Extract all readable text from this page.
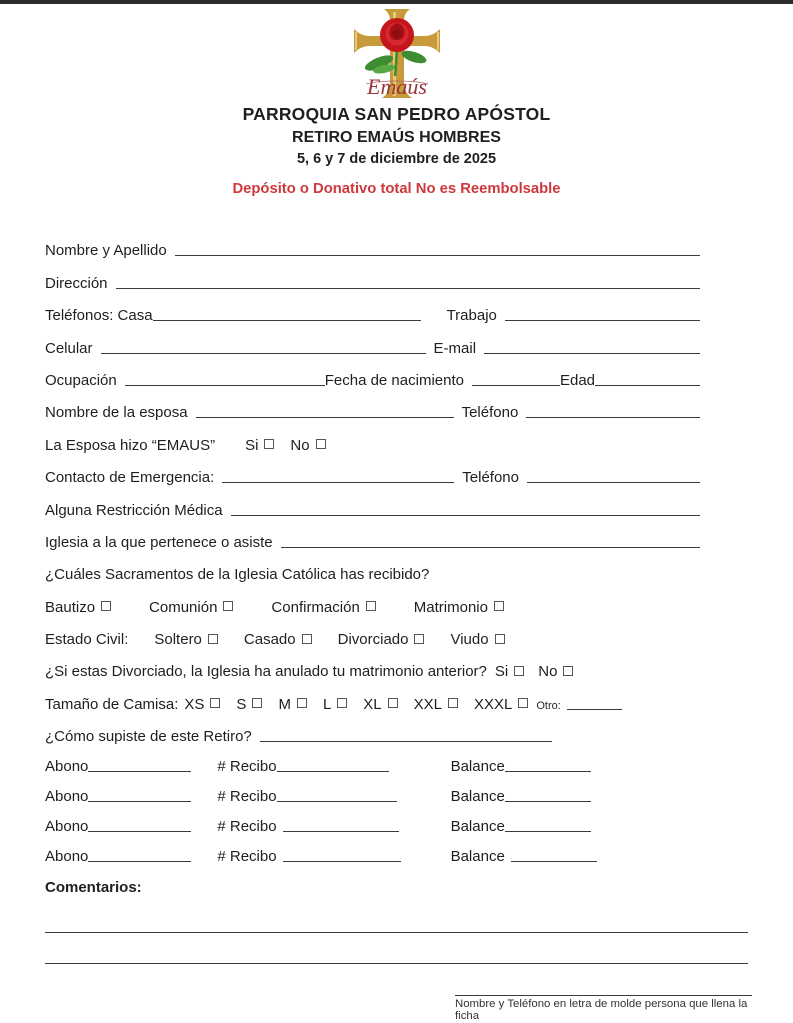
Emaús
PARROQUIA SAN PEDRO APÓSTOL
RETIRO EMAÚS HOMBRES
5, 6 y 7 de diciembre de 2025
Depósito o Donativo total No es Reembolsable
Nombre y Apellido
Dirección
Teléfonos: Casa	Trabajo
Celular	E-mail
Ocupación	Fecha de nacimiento	Edad
Nombre de la esposa	Teléfono
La Esposa hizo “EMAUS” Si No
Contacto de Emergencia:	Teléfono
Alguna Restricción Médica
Iglesia a la que pertenece o asiste
¿Cuáles Sacramentos de la Iglesia Católica has recibido?
Bautizo	Comunión	Confirmación	Matrimonio
Estado Civil: Soltero	Casado	Divorciado	Viudo
¿Si estas Divorciado, la Iglesia ha anulado tu matrimonio anterior? Si No
Tamaño de Camisa: XS S M L XL XXL XXXL Otro:
¿Cómo supiste de este Retiro?
Abono	# Recibo	Balance
Abono	# Recibo	Balance
Abono	# Recibo	Balance
Abono	# Recibo	Balance
Comentarios:
Nombre y Teléfono en letra de molde persona que llena la ficha
